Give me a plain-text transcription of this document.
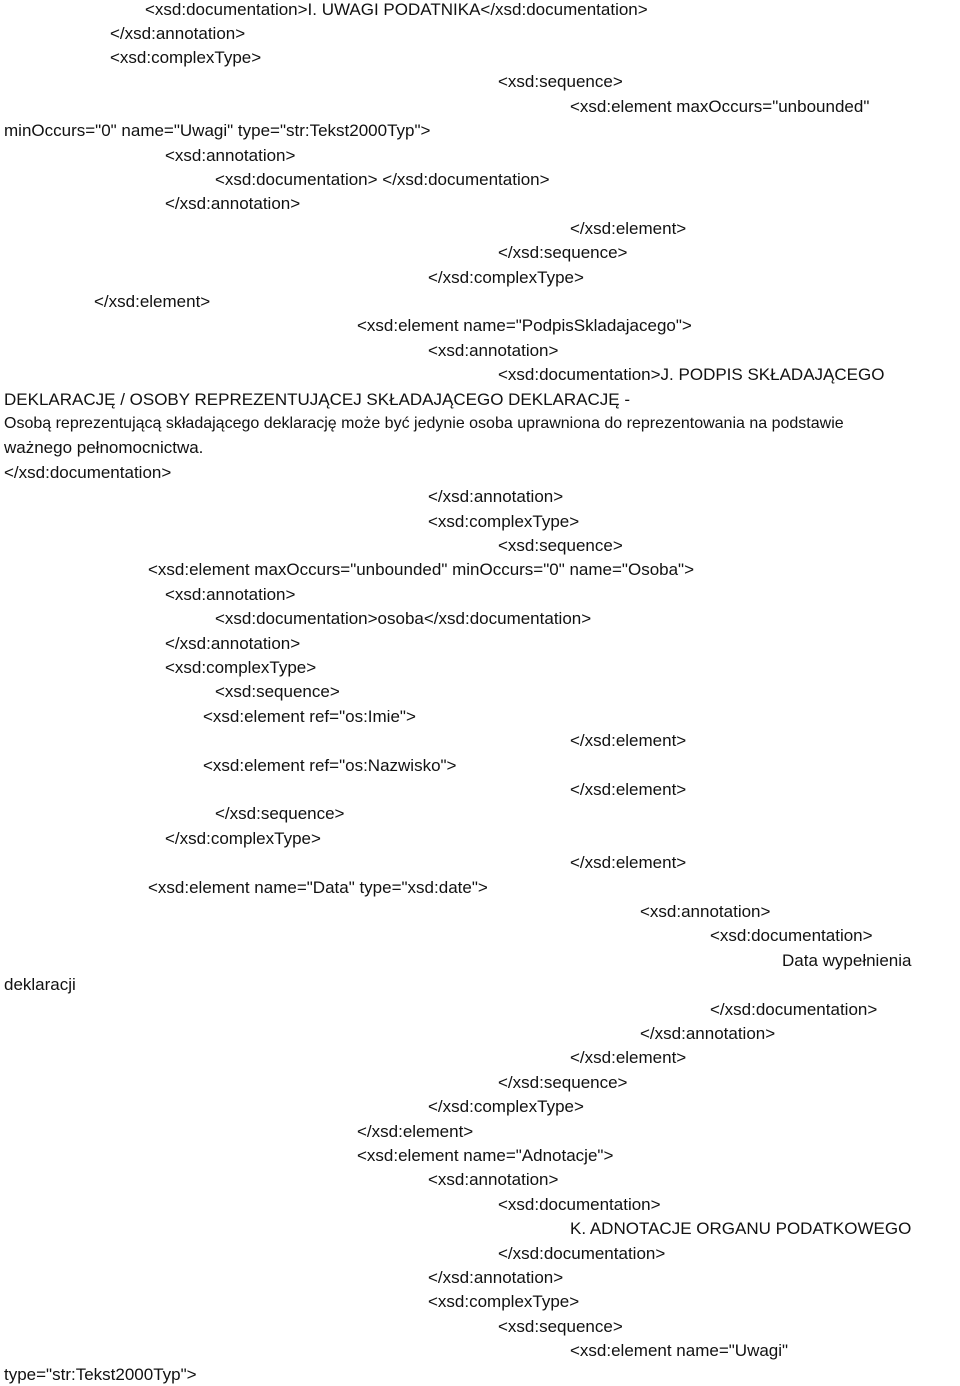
<xsd:documentation>I. UWAGI PODATNIKA</xsd:documentation>
</xsd:annotation>
<xsd:complexType>
<xsd:sequence>
<xsd:element maxOccurs="unbounded"
minOccurs="0" name="Uwagi" type="str:Tekst2000Typ">
<xsd:annotation>
<xsd:documentation> </xsd:documentation>
</xsd:annotation>
</xsd:element>
</xsd:sequence>
</xsd:complexType>
</xsd:element>
<xsd:element name="PodpisSkladajacego">
<xsd:annotation>
<xsd:documentation>J. PODPIS SKŁADAJĄCEGO
DEKLARACJĘ / OSOBY REPREZENTUJĄCEJ SKŁADAJĄCEGO DEKLARACJĘ -
Osobą reprezentującą składającego deklarację może być jedynie osoba uprawniona do reprezentowania na podstawie
ważnego pełnomocnictwa.
</xsd:documentation>
</xsd:annotation>
<xsd:complexType>
<xsd:sequence>
<xsd:element maxOccurs="unbounded" minOccurs="0" name="Osoba">
<xsd:annotation>
<xsd:documentation>osoba</xsd:documentation>
</xsd:annotation>
<xsd:complexType>
<xsd:sequence>
<xsd:element ref="os:Imie">
</xsd:element>
<xsd:element ref="os:Nazwisko">
</xsd:element>
</xsd:sequence>
</xsd:complexType>
</xsd:element>
<xsd:element name="Data" type="xsd:date">
<xsd:annotation>
<xsd:documentation>
Data wypełnienia
deklaracji
</xsd:documentation>
</xsd:annotation>
</xsd:element>
</xsd:sequence>
</xsd:complexType>
</xsd:element>
<xsd:element name="Adnotacje">
<xsd:annotation>
<xsd:documentation>
K. ADNOTACJE ORGANU PODATKOWEGO
</xsd:documentation>
</xsd:annotation>
<xsd:complexType>
<xsd:sequence>
<xsd:element name="Uwagi"
type="str:Tekst2000Typ">
